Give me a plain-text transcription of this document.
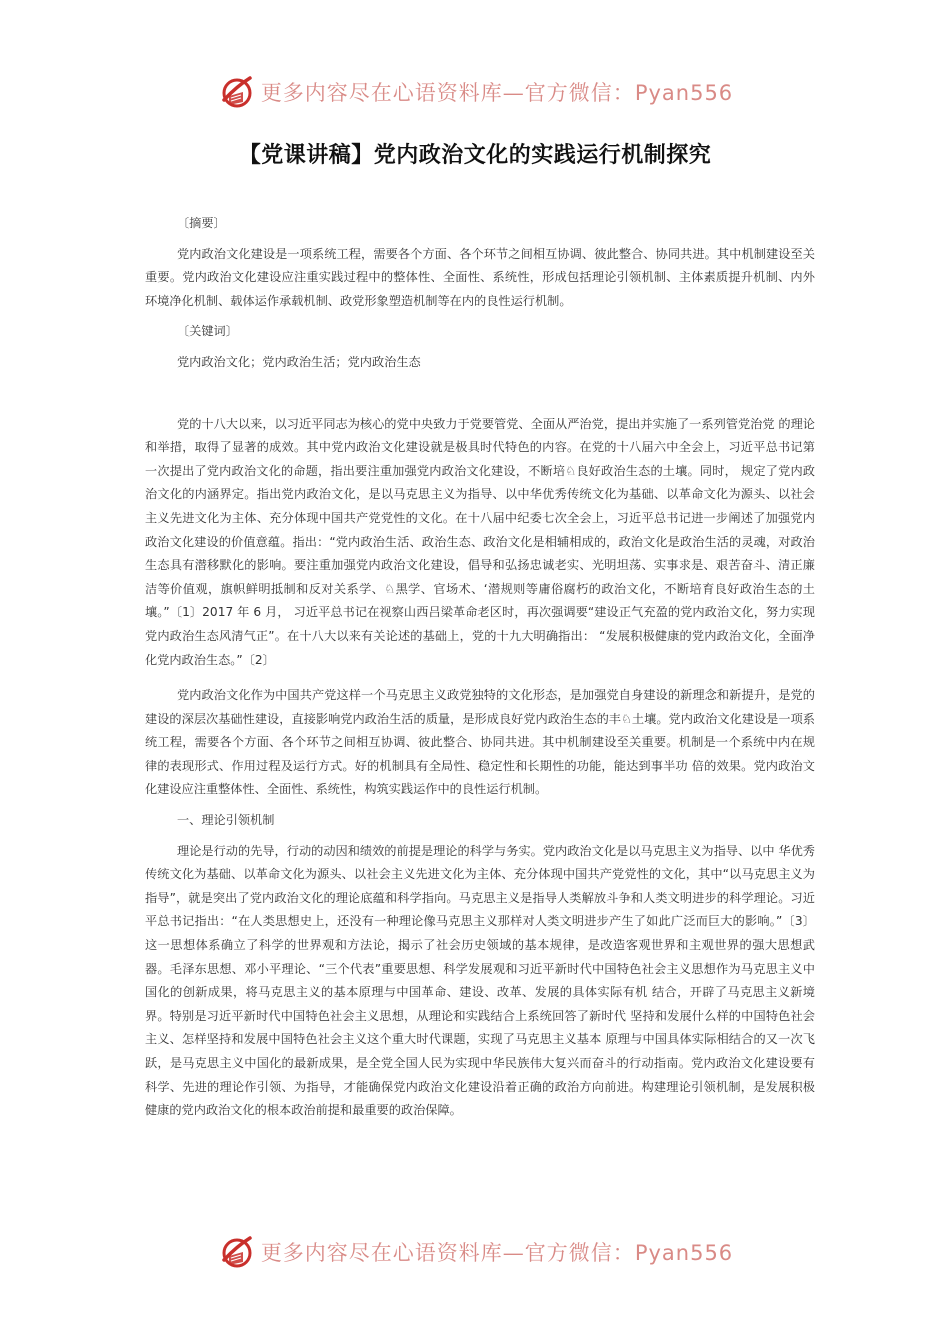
更多内容尽在心语资料库—官方微信：Pyan556
【党课讲稿】党内政治文化的实践运行机制探究

〔摘要〕

党内政治文化建设是一项系统工程，需要各个方面、各个环节之间相互协调、彼此整合、协同共进。其中机制建设至关重要。党内政治文化建设应注重实践过程中的整体性、全面性、系统性，形成包括理论引领机制、主体素质提升机制、内外环境净化机制、载体运作承载机制、政党形象塑造机制等在内的良性运行机制。

〔关键词〕

党内政治文化；党内政治生活；党内政治生态

党的十八大以来，以习近平同志为核心的党中央致力于党要管党、全面从严治党，提出并实施了一系列管党治党 的理论和举措，取得了显著的成效。其中党内政治文化建设就是极具时代特色的内容。在党的十八届六中全会上，习近平总书记第一次提出了党内政治文化的命题，指出要注重加强党内政治文化建设，不断培♘良好政治生态的土壤。同时， 规定了党内政治文化的内涵界定。指出党内政治文化，是以马克思主义为指导、以中华优秀传统文化为基础、以革命文化为源头、以社会主义先进文化为主体、充分体现中国共产党党性的文化。在十八届中纪委七次全会上，习近平总书记进一步阐述了加强党内政治文化建设的价值意蕴。指出：“党内政治生活、政治生态、政治文化是相辅相成的，政治文化是政治生活的灵魂，对政治生态具有潜移默化的影响。要注重加强党内政治文化建设，倡导和弘扬忠诚老实、光明坦荡、实事求是、艰苦奋斗、清正廉洁等价值观，旗帜鲜明抵制和反对关系学、♘黑学、官场术、‘潜规则等庸俗腐朽的政治文化，不断培育良好政治生态的土壤。”〔1〕2017 年 6 月， 习近平总书记在视察山西吕梁革命老区时，再次强调要“建设正气充盈的党内政治文化，努力实现党内政治生态风清气正”。在十八大以来有关论述的基础上，党的十九大明确指出： “发展积极健康的党内政治文化，全面净化党内政治生态。”〔2〕

党内政治文化作为中国共产党这样一个马克思主义政党独特的文化形态，是加强党自身建设的新理念和新提升，是党的建设的深层次基础性建设，直接影响党内政治生活的质量，是形成良好党内政治生态的丰♘土壤。党内政治文化建设是一项系统工程，需要各个方面、各个环节之间相互协调、彼此整合、协同共进。其中机制建设至关重要。机制是一个系统中内在规律的表现形式、作用过程及运行方式。好的机制具有全局性、稳定性和长期性的功能，能达到事半功 倍的效果。党内政治文化建设应注重整体性、全面性、系统性，构筑实践运作中的良性运行机制。

一、理论引领机制

理论是行动的先导，行动的动因和绩效的前提是理论的科学与务实。党内政治文化是以马克思主义为指导、以中 华优秀传统文化为基础、以革命文化为源头、以社会主义先进文化为主体、充分体现中国共产党党性的文化，其中“以马克思主义为指导”，就是突出了党内政治文化的理论底蕴和科学指向。马克思主义是指导人类解放斗争和人类文明进步的科学理论。习近平总书记指出：“在人类思想史上，还没有一种理论像马克思主义那样对人类文明进步产生了如此广泛而巨大的影响。”〔3〕这一思想体系确立了科学的世界观和方法论，揭示了社会历史领域的基本规律，是改造客观世界和主观世界的强大思想武器。毛泽东思想、邓小平理论、“三个代表”重要思想、科学发展观和习近平新时代中国特色社会主义思想作为马克思主义中国化的创新成果，将马克思主义的基本原理与中国革命、建设、改革、发展的具体实际有机 结合，开辟了马克思主义新境界。特别是习近平新时代中国特色社会主义思想，从理论和实践结合上系统回答了新时代 坚持和发展什么样的中国特色社会主义、怎样坚持和发展中国特色社会主义这个重大时代课题，实现了马克思主义基本 原理与中国具体实际相结合的又一次飞跃，是马克思主义中国化的最新成果，是全党全国人民为实现中华民族伟大复兴而奋斗的行动指南。党内政治文化建设要有科学、先进的理论作引领、为指导，才能确保党内政治文化建设沿着正确的政治方向前进。构建理论引领机制，是发展积极健康的党内政治文化的根本政治前提和最重要的政治保障。

更多内容尽在心语资料库—官方微信：Pyan556
